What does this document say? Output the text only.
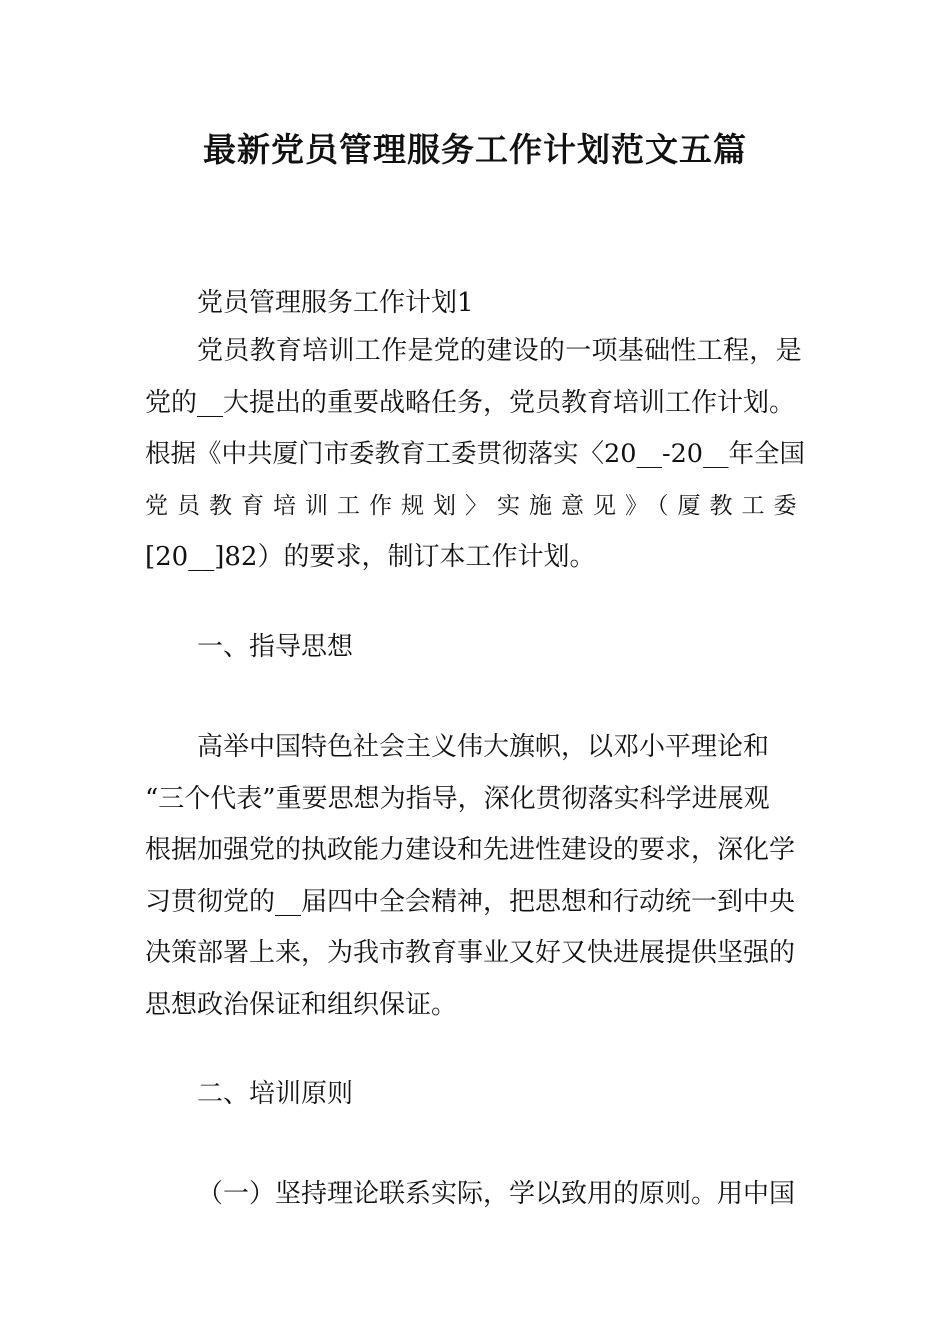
最新党员管理服务工作计划范文五篇
党员管理服务工作计划1
党员教育培训工作是党的建设的一项基础性工程，是
党的__大提出的重要战略任务，党员教育培训工作计划。
根据《中共厦门市委教育工委贯彻落实〈20__-20__年全国
党员教育培训工作规划〉实施意见》（厦教工委
[20__]82）的要求，制订本工作计划。
一、指导思想
高举中国特色社会主义伟大旗帜，以邓小平理论和
“三个代表”重要思想为指导，深化贯彻落实科学进展观
根据加强党的执政能力建设和先进性建设的要求，深化学
习贯彻党的__届四中全会精神，把思想和行动统一到中央
决策部署上来，为我市教育事业又好又快进展提供坚强的
思想政治保证和组织保证。
二、培训原则
（一）坚持理论联系实际，学以致用的原则。用中国
